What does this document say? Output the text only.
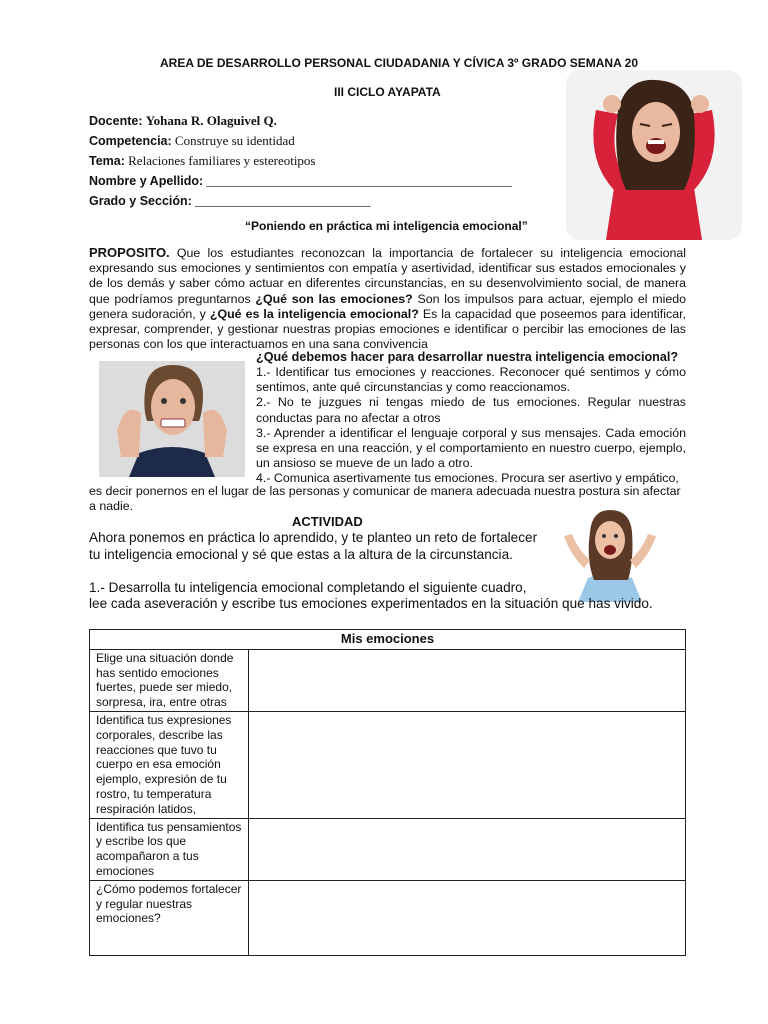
AREA DE DESARROLLO PERSONAL CIUDADANIA Y CÍVICA 3º GRADO SEMANA 20
III CICLO AYAPATA
Docente: Yohana R. Olaguivel Q.
Competencia: Construye su identidad
Tema: Relaciones familiares y estereotipos
Nombre y Apellido: _______________________________________________
Grado y Sección: ___________________________
“Poniendo en práctica mi inteligencia emocional”
PROPOSITO. Que los estudiantes reconozcan la importancia de fortalecer su inteligencia emocional expresando sus emociones y sentimientos con empatía y asertividad, identificar sus estados emocionales y de los demás y saber cómo actuar en diferentes circunstancias, en su desenvolvimiento social, de manera que podríamos preguntarnos ¿Qué son las emociones? Son los impulsos para actuar, ejemplo el miedo genera sudoración, y ¿Qué es la inteligencia emocional? Es la capacidad que poseemos para identificar, expresar, comprender, y gestionar nuestras propias emociones e identificar o percibir las emociones de las personas con los que interactuamos en una sana convivencia
¿Qué debemos hacer para desarrollar nuestra inteligencia emocional?
1.- Identificar tus emociones y reacciones. Reconocer qué sentimos y cómo sentimos, ante qué circunstancias y como reaccionamos.
2.- No te juzgues ni tengas miedo de tus emociones. Regular nuestras conductas para no afectar a otros
3.- Aprender a identificar el lenguaje corporal y sus mensajes. Cada emoción se expresa en una reacción, y el comportamiento en nuestro cuerpo, ejemplo, un ansioso se mueve de un lado a otro.
4.- Comunica asertivamente tus emociones. Procura ser asertivo y empático,
es decir ponernos en el lugar de las personas y comunicar de manera adecuada nuestra postura sin afectar a nadie.
ACTIVIDAD
Ahora ponemos en práctica lo aprendido, y te planteo un reto de fortalecer tu inteligencia emocional y sé que estas a la altura de la circunstancia.
1.- Desarrolla tu inteligencia emocional completando el siguiente cuadro,
lee cada aseveración y escribe tus emociones experimentados en la situación que has vivido.
Mis emociones	
Elige una situación donde has sentido emociones fuertes, puede ser miedo, sorpresa, ira, entre otras	
Identifica tus expresiones corporales, describe las reacciones que tuvo tu cuerpo en esa emoción ejemplo, expresión de tu rostro, tu temperatura respiración latidos,	
Identifica tus pensamientos y escribe los que acompañaron a tus emociones	
¿Cómo podemos fortalecer y regular nuestras emociones?	
